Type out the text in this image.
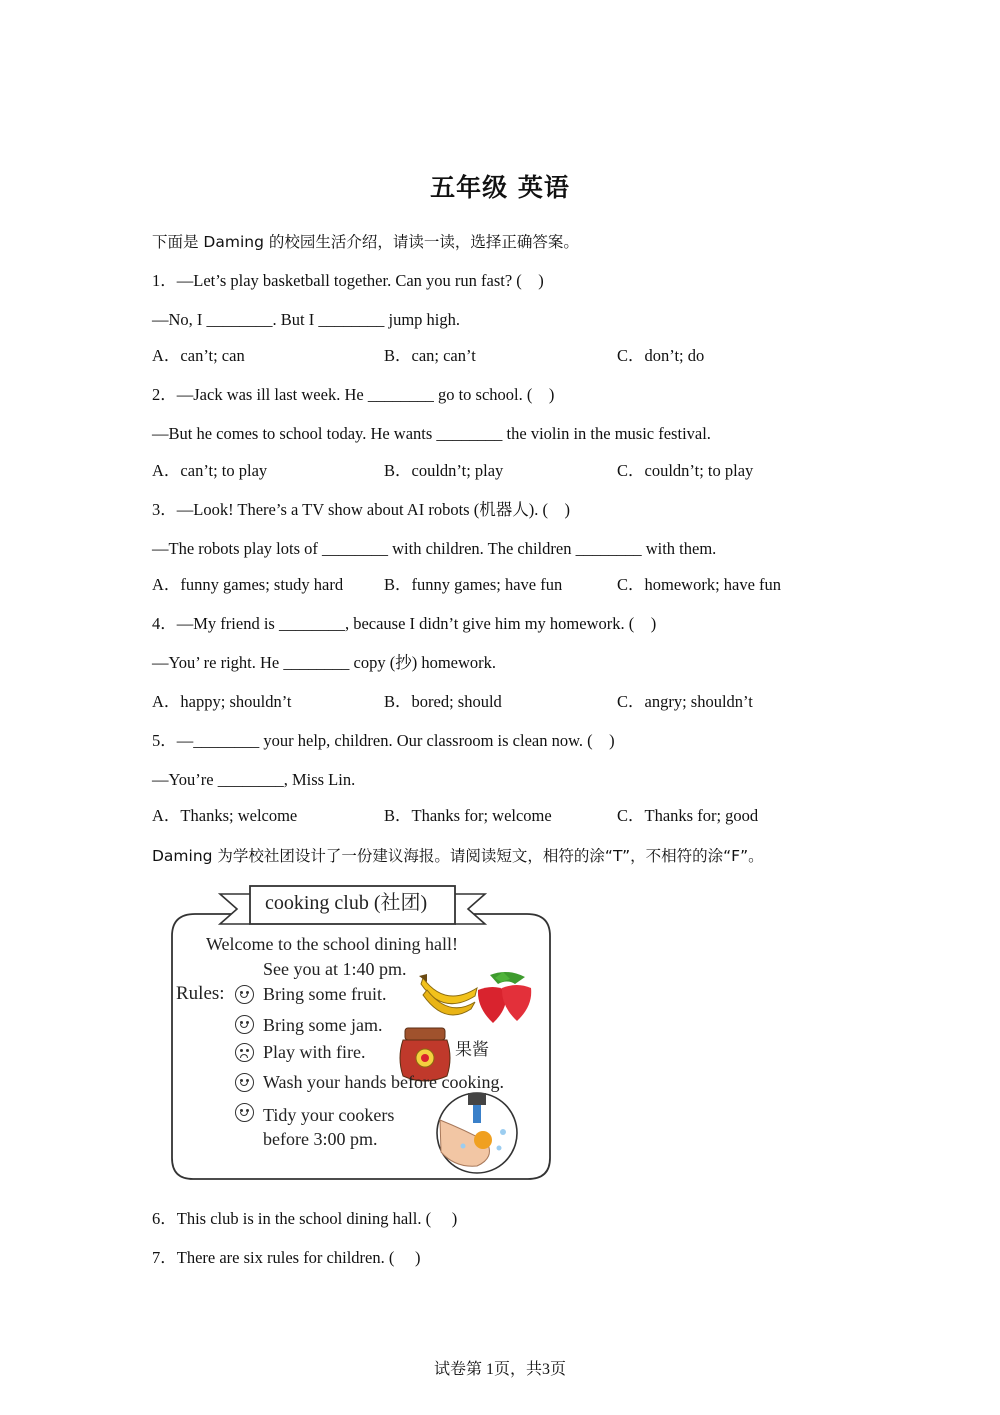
五年级 英语
下面是 Daming 的校园生活介绍，请读一读，选择正确答案。
1．—Let’s play basketball together. Can you run fast? (　)
—No, I ________. But I ________ jump high.
A．can’t; can	B．can; can’t	C．don’t; do
2．—Jack was ill last week. He ________ go to school. (　)
—But he comes to school today. He wants ________ the violin in the music festival.
A．can’t; to play	B．couldn’t; play	C．couldn’t; to play
3．—Look! There’s a TV show about AI robots (机器人). (　)
—The robots play lots of ________ with children. The children ________ with them.
A．funny games; study hard B．funny games; have fun	C．homework; have fun
4．—My friend is ________, because I didn’t give him my homework. (　)
—You’ re right. He ________ copy (抄) homework.
A．happy; shouldn’t	B．bored; should	C．angry; shouldn’t
5．—________ your help, children. Our classroom is clean now. (　)
—You’re ________, Miss Lin.
A．Thanks; welcome	B．Thanks for; welcome	C．Thanks for; good
Daming 为学校社团设计了一份建议海报。请阅读短文，相符的涂“T”，不相符的涂“F”。
cooking club (社团)
Welcome to the school dining hall!
See you at 1:40 pm.
Rules: Bring some fruit.
Bring some jam.
Play with fire.	果酱
Wash your hands before cooking.
Tidy your cookers
before 3:00 pm.
6．This club is in the school dining hall. (　 )
7．There are six rules for children. (　 )
试卷第 1页，共3页
